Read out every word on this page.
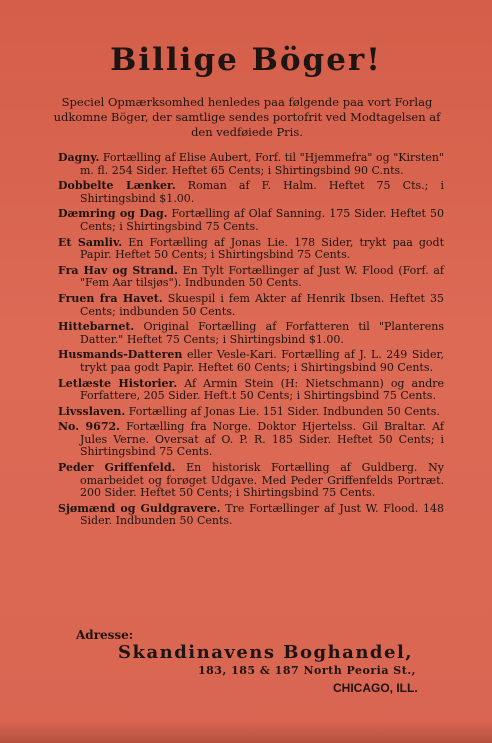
Billige Böger!
Speciel Opmærksomhed henledes paa følgende paa vort Forlag udkomne Böger, der samtlige sendes portofrit ved Modtagelsen af den vedføiede Pris.

Dagny. Fortælling af Elise Aubert, Forf. til "Hjemmefra" og "Kirsten" m. fl. 254 Sider. Heftet 65 Cents; i Shirtingsbind 90 C.nts.

Dobbelte Lænker. Roman af F. Halm. Heftet 75 Cts.; i Shirtingsbind $1.00.

Dæmring og Dag. Fortælling af Olaf Sanning. 175 Sider. Heftet 50 Cents; i Shirtingsbind 75 Cents.

Et Samliv. En Fortælling af Jonas Lie. 178 Sider, trykt paa godt Papir. Heftet 50 Cents; i Shirtingsbind 75 Cents.

Fra Hav og Strand. En Tylt Fortællinger af Just W. Flood (Forf. af "Fem Aar tilsjøs"). Indbunden 50 Cents.

Fruen fra Havet. Skuespil i fem Akter af Henrik Ibsen. Heftet 35 Cents; indbunden 50 Cents.

Hittebarnet. Original Fortælling af Forfatteren til "Planterens Datter." Heftet 75 Cents; i Shirtingsbind $1.00.

Husmands-Datteren eller Vesle-Kari. Fortælling af J. L. 249 Sider, trykt paa godt Papir. Heftet 60 Cents; i Shirtingsbind 90 Cents.

Letlæste Historier. Af Armin Stein (H: Nietschmann) og andre Forfattere, 205 Sider. Heft.t 50 Cents; i Shirtingsbind 75 Cents.

Livsslaven. Fortælling af Jonas Lie. 151 Sider. Indbunden 50 Cents.

No. 9672. Fortælling fra Norge. Doktor Hjertelss. Gil Braltar. Af Jules Verne. Oversat af O. P. R. 185 Sider. Heftet 50 Cents; i Shirtingsbind 75 Cents.

Peder Griffenfeld. En historisk Fortælling af Guldberg. Ny omarbeidet og forøget Udgave. Med Peder Griffenfelds Portræt. 200 Sider. Heftet 50 Cents; i Shirtingsbind 75 Cents.

Sjømænd og Guldgravere. Tre Fortællinger af Just W. Flood. 148 Sider. Indbunden 50 Cents.

Adresse:
Skandinavens Boghandel,
183, 185 & 187 North Peoria St.,
CHICAGO, ILL.
